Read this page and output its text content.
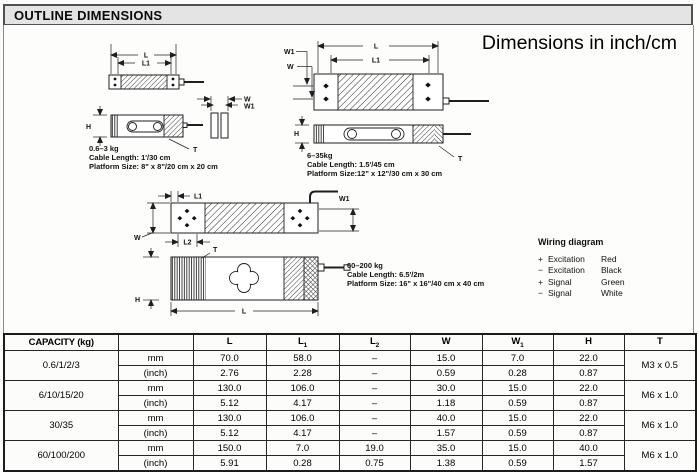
OUTLINE DIMENSIONS
Dimensions in inch/cm
L
L1
W
W1
H
T
L
L1
W1
W
H
T
L1
W
L2
W1
T
H
L
0.6–3 kg
Cable Length: 1'/30 cm
Platform Size: 8" x 8"/20 cm x 20 cm
6–35kg
Cable Length: 1.5'/45 cm
Platform Size:12" x 12"/30 cm x 30 cm
60–200 kg
Cable Length: 6.5'/2m
Platform Size: 16" x 16"/40 cm x 40 cm
Wiring diagram
+ Excitation	Red
− Excitation	Black
+ Signal	Green
− Signal	White
CAPACITY (kg)		L	$L_1$	$L_2$	W	$W_1$	H	T
0.6/1/2/3	mm	70.0	58.0	–	15.0	7.0	22.0	M3 x 0.5
	(inch)	2.76	2.28	–	0.59	0.28	0.87	
6/10/15/20	mm	130.0	106.0	–	30.0	15.0	22.0	M6 x 1.0
	(inch)	5.12	4.17	–	1.18	0.59	0.87	
30/35	mm	130.0	106.0	–	40.0	15.0	22.0	M6 x 1.0
	(inch)	5.12	4.17	–	1.57	0.59	0.87	
60/100/200	mm	150.0	7.0	19.0	35.0	15.0	40.0	M6 x 1.0
	(inch)	5.91	0.28	0.75	1.38	0.59	1.57	
